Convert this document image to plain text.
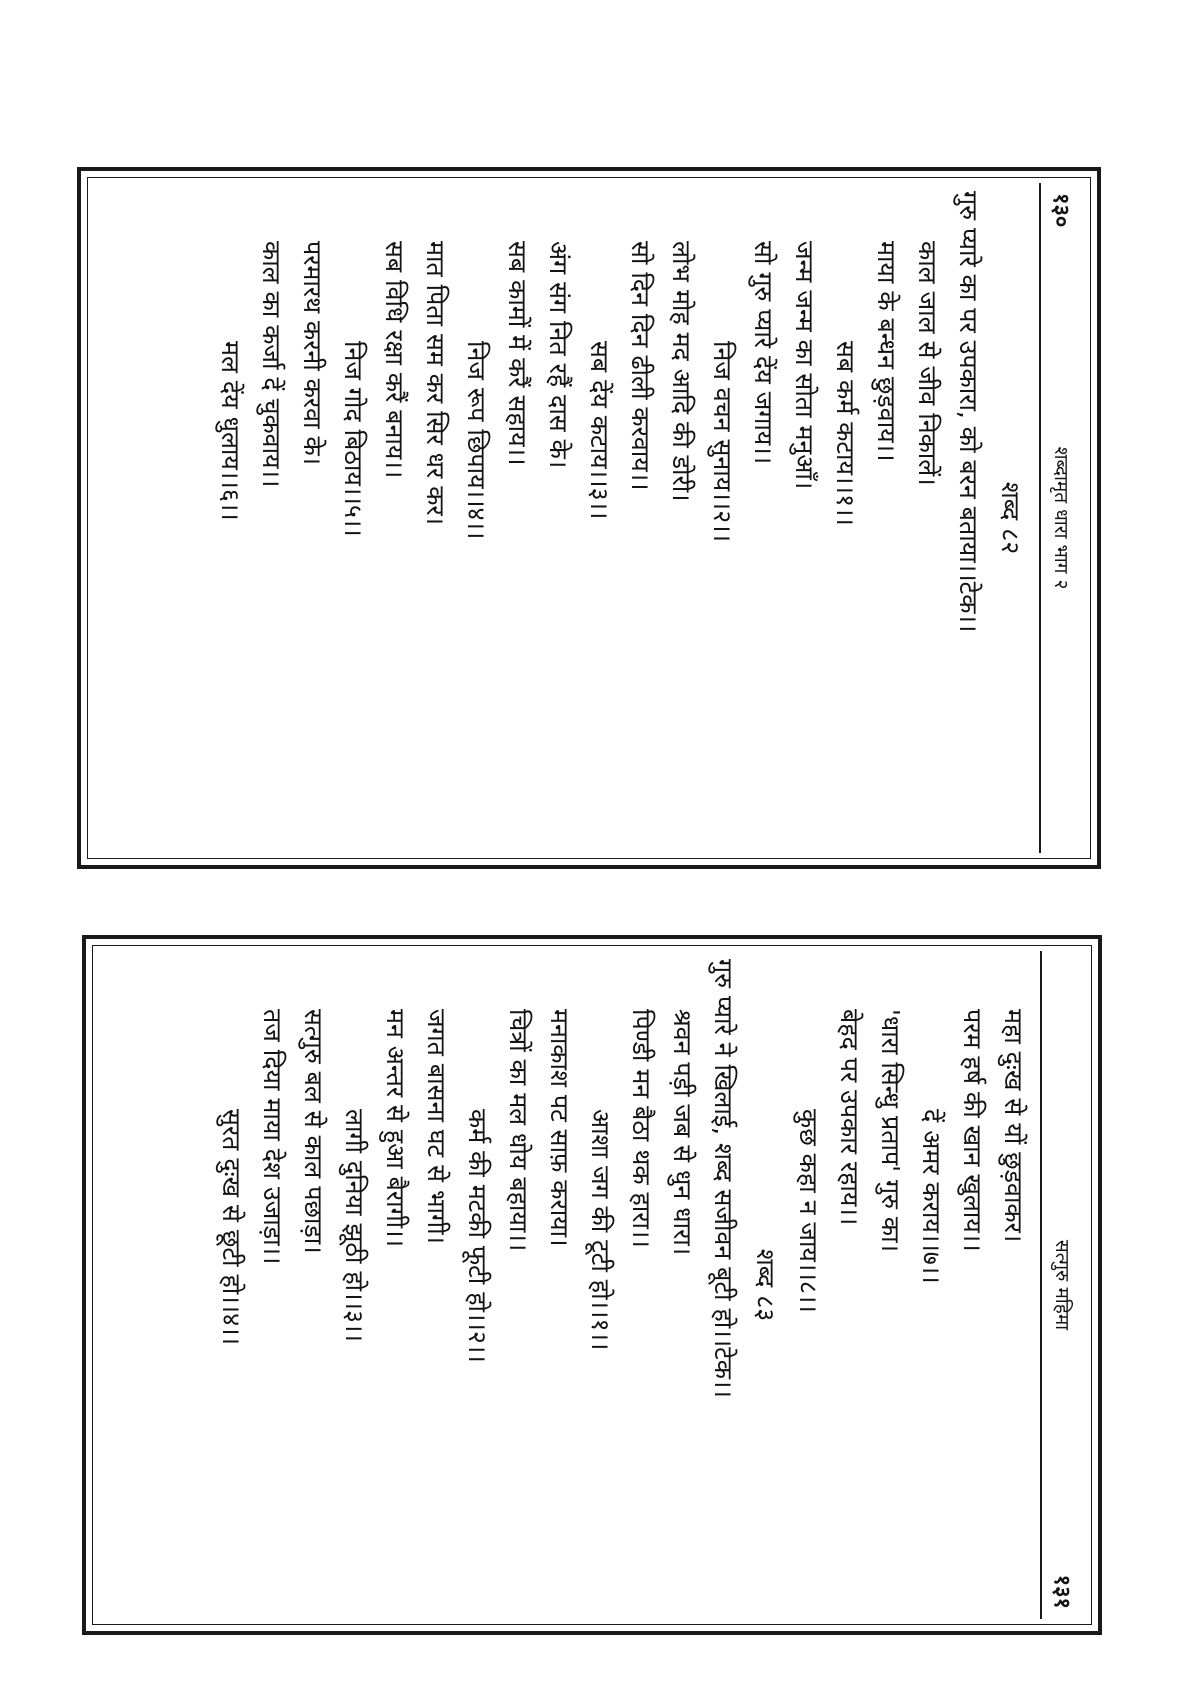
१३०
शब्दामृत धारा भाग २
शब्द ८२
गुरु प्यारे का पर उपकारा, को बरन बताया।।टेक।।
काल जाल से जीव निकालें।
माया के बन्धन छुड़वाय।।
सब कर्म कटाय।।१।।
जन्म जन्म का सोता मनुआँ।
सो गुरु प्यारे देंय जगाय।।
निज वचन सुनाय।।२।।
लोभ मोह मद आदि की डोरी।
सो दिन दिन ढीली करवाय।।
सब देंय कटाय।।३।।
अंग संग नित रहैं दास के।
सब कामों में करैं सहाय।।
निज रूप छिपाय।।४।।
मात पिता सम कर सिर धर कर।
सब विधि रक्षा करैं बनाय।।
निज गोद बिठाय।।५।।
परमारथ करनी करवा के।
काल का कर्जा दें चुकवाय।।
मल देंय धुलाय।।६।।
सत्गुरु महिमा
१३१
महा दुःख से यों छुड़वाकर।
परम हर्ष की खान खुलाय।।
दें अमर कराय।।७।।
'धारा सिन्धु प्रताप' गुरु का।
बेहद पर उपकार रहाय।।
कुछ कहा न जाय।।८।।
शब्द ८३
गुरु प्यारे ने खिलाई, शब्द सजीवन बूटी हो।।टेक।।
श्रवन पड़ी जब से धुन धारा।
पिण्डी मन बैठा थक हारा।।
आशा जग की टूटी हो।।१।।
मनाकाश पट साफ़ कराया।
चित्रों का मल धोय बहाया।।
कर्म की मटकी फूटी हो।।२।।
जगत बासना घट से भागी।
मन अन्तर से हुआ बैरागी।।
लागी दुनिया झूठी हो।।३।।
सत्गुरु बल से काल पछाड़ा।
तज दिया माया देश उजाड़ा।।
सुरत दुःख से छूटी हो।।४।।
